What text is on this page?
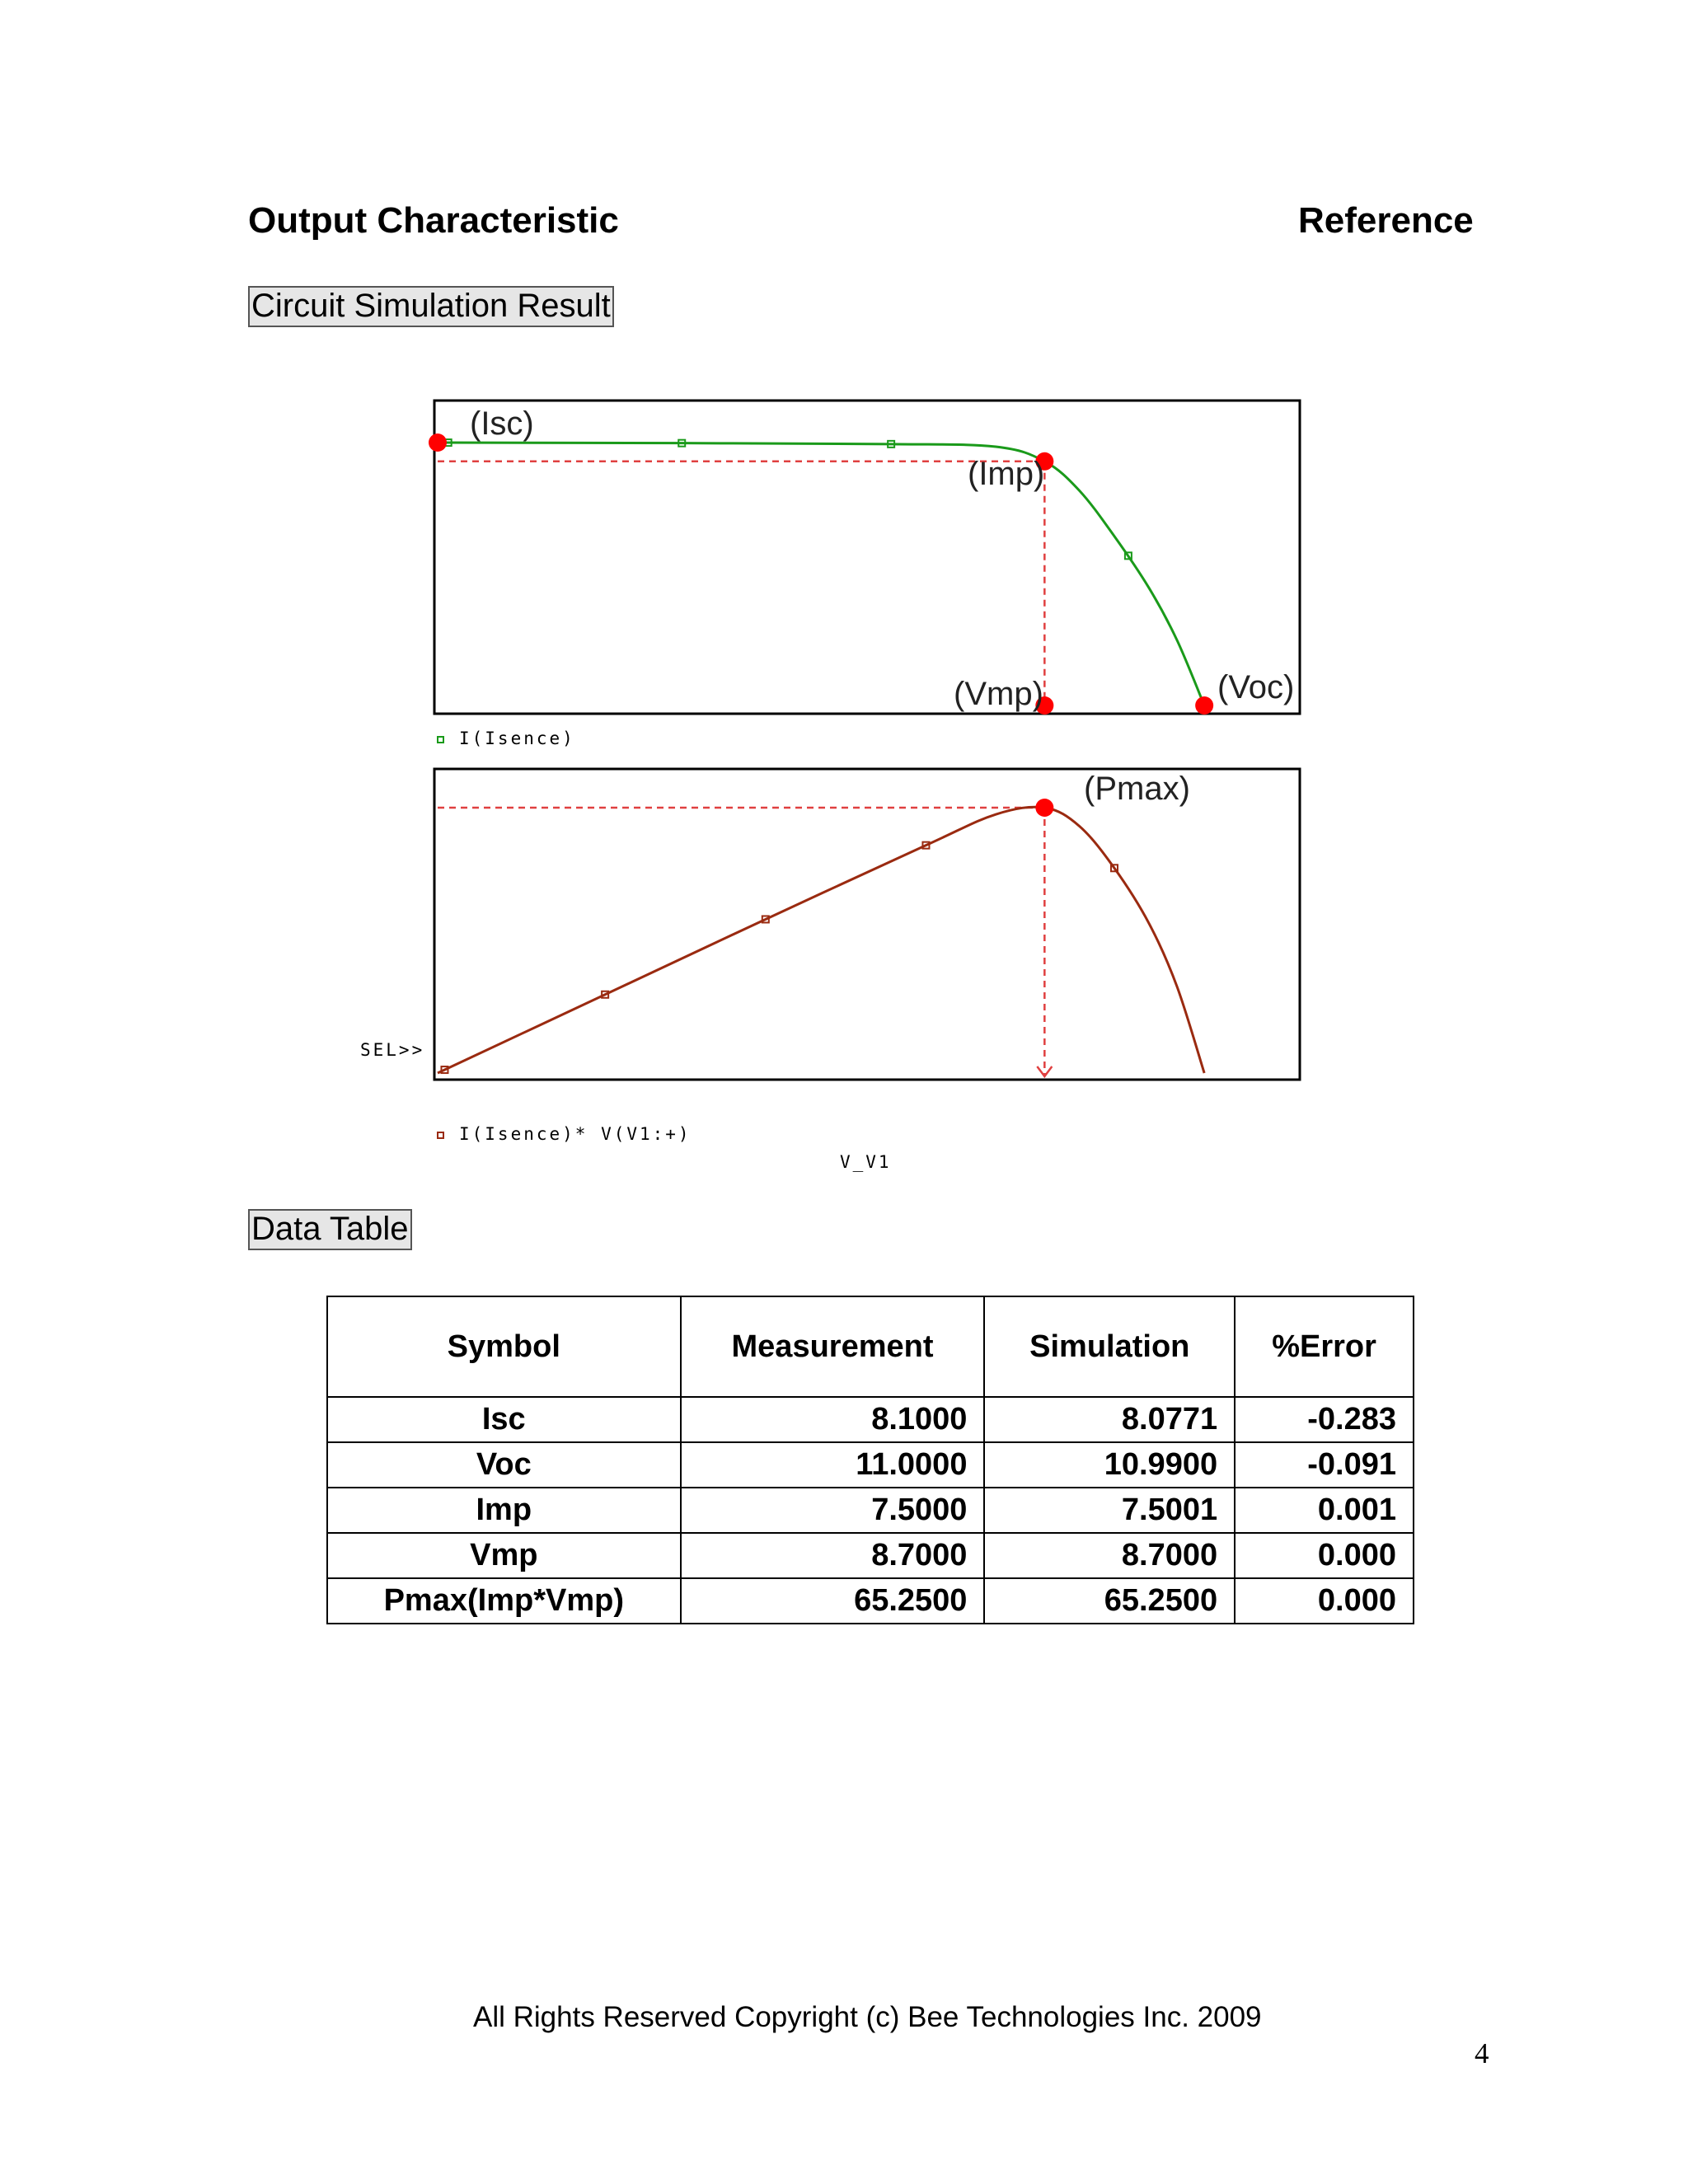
Output Characteristic	Reference
Circuit Simulation Result
(Isc)
(Imp)
(Vmp)	(Voc)
(Pmax)
I(Isence)
SEL>>
I(Isence)* V(V1:+)
V_V1
Data Table
Symbol	Measurement	Simulation	%Error
Isc	8.1000	8.0771	-0.283
Voc	11.0000	10.9900	-0.091
Imp	7.5000	7.5001	0.001
Vmp	8.7000	8.7000	0.000
Pmax(Imp*Vmp)	65.2500	65.2500	0.000
All Rights Reserved Copyright (c) Bee Technologies Inc. 2009
4
